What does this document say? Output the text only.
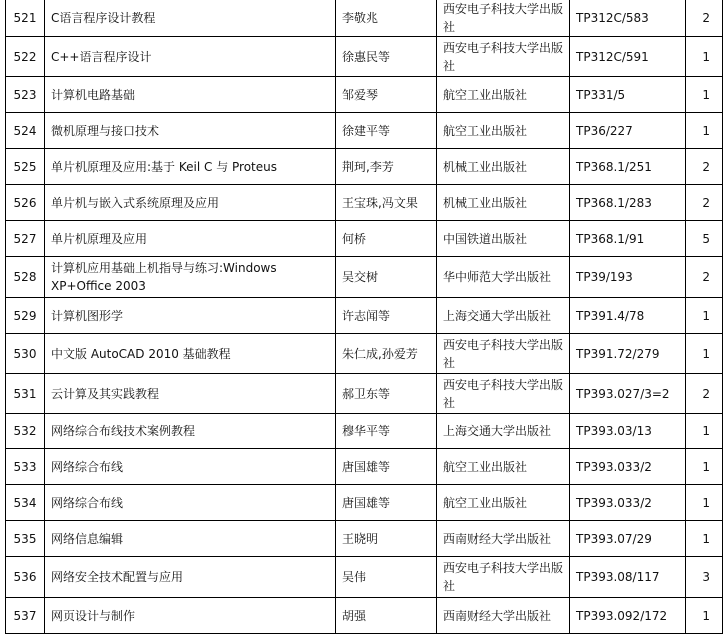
521	C语言程序设计教程	李敬兆	西安电子科技大学出版社	TP312C/583	2
522	C++语言程序设计	徐惠民等	西安电子科技大学出版社	TP312C/591	1
523	计算机电路基础	邹爱琴	航空工业出版社	TP331/5	1
524	微机原理与接口技术	徐建平等	航空工业出版社	TP36/227	1
525	单片机原理及应用:基于 Keil C 与 Proteus	荆珂,李芳	机械工业出版社	TP368.1/251	2
526	单片机与嵌入式系统原理及应用	王宝珠,冯文果	机械工业出版社	TP368.1/283	2
527	单片机原理及应用	何桥	中国铁道出版社	TP368.1/91	5
528	计算机应用基础上机指导与练习:Windows XP+Office 2003	吴交树	华中师范大学出版社	TP39/193	2
529	计算机图形学	许志闻等	上海交通大学出版社	TP391.4/78	1
530	中文版 AutoCAD 2010 基础教程	朱仁成,孙爱芳	西安电子科技大学出版社	TP391.72/279	1
531	云计算及其实践教程	郝卫东等	西安电子科技大学出版社	TP393.027/3=2	2
532	网络综合布线技术案例教程	穆华平等	上海交通大学出版社	TP393.03/13	1
533	网络综合布线	唐国雄等	航空工业出版社	TP393.033/2	1
534	网络综合布线	唐国雄等	航空工业出版社	TP393.033/2	1
535	网络信息编辑	王晓明	西南财经大学出版社	TP393.07/29	1
536	网络安全技术配置与应用	吴伟	西安电子科技大学出版社	TP393.08/117	3
537	网页设计与制作	胡强	西南财经大学出版社	TP393.092/172	1
